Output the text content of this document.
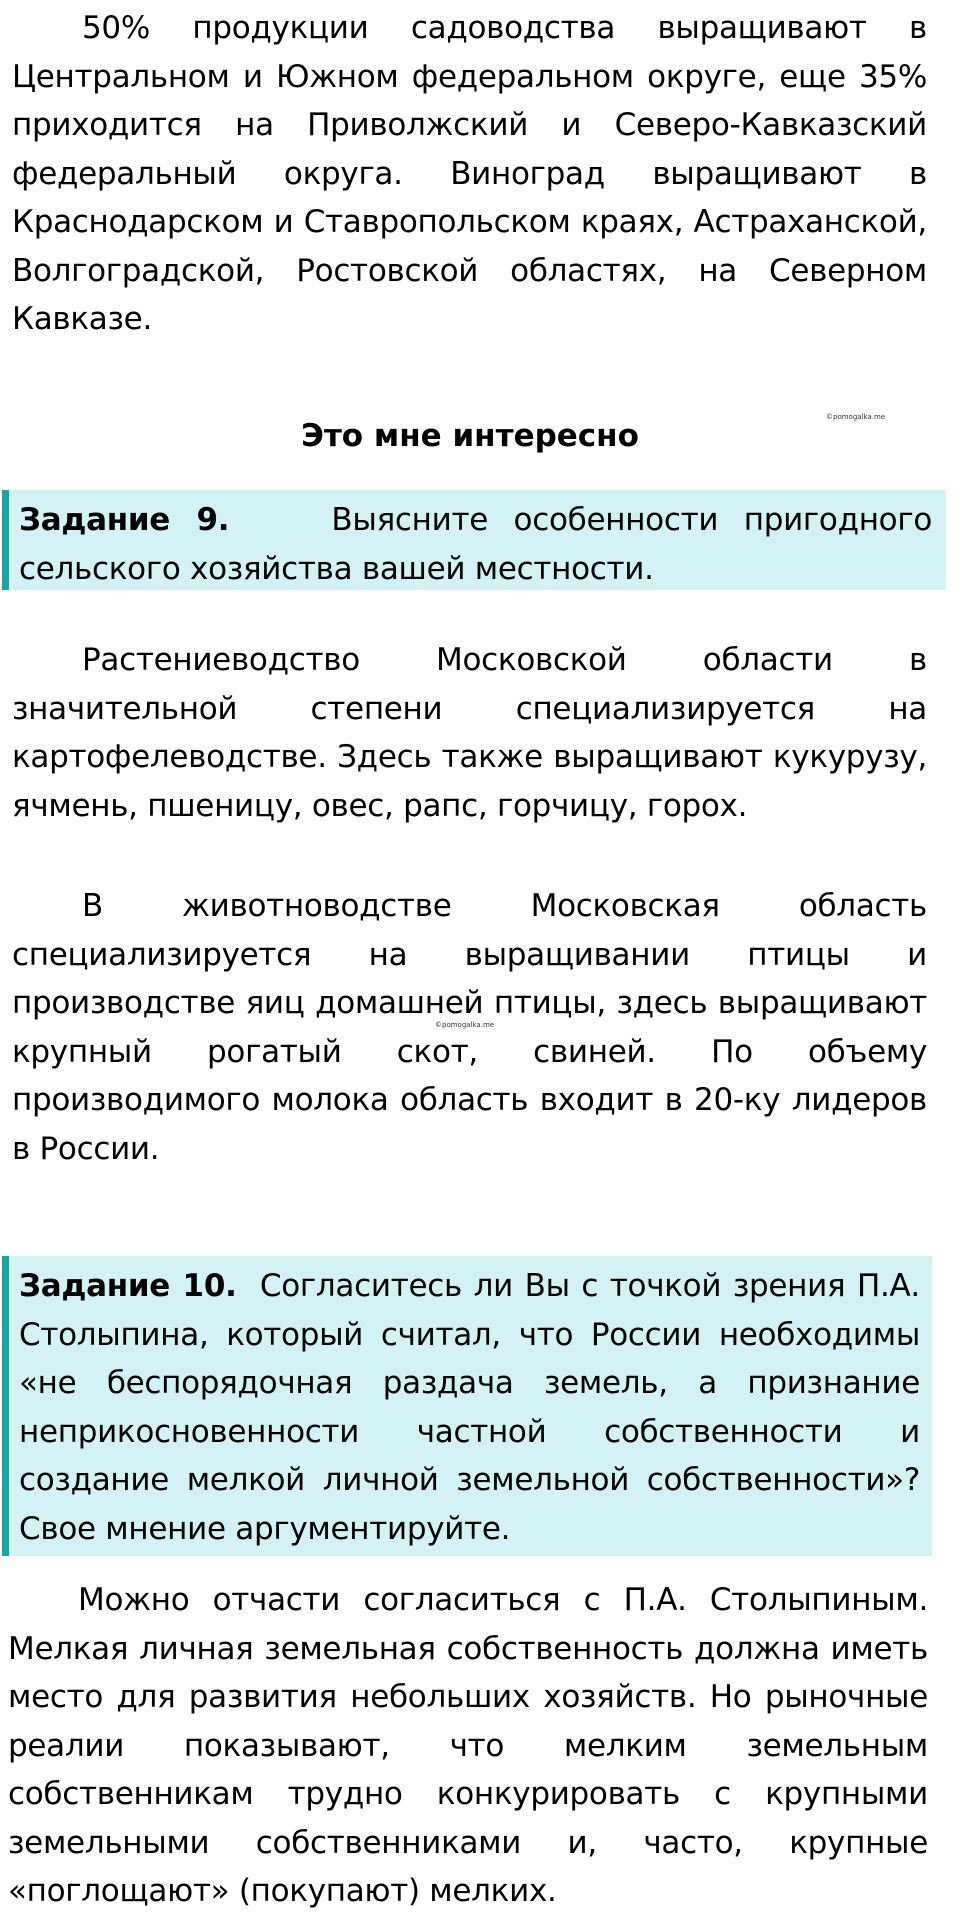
50% продукции садоводства выращивают в Центральном и Южном федеральном округе, еще 35% приходится на Приволжский и Северо-Кавказский федеральный округа. Виноград выращивают в Краснодарском и Ставропольском краях, Астраханской, Волгоградской, Ростовской областях, на Северном Кавказе.

©pomogalka.me
Это мне интересно

Задание 9.	Выясните особенности пригодного сельского хозяйства вашей местности.

Растениеводство Московской области в значительной степени специализируется на картофелеводстве. Здесь также выращивают кукурузу, ячмень, пшеницу, овес, рапс, горчицу, горох.

В животноводстве Московская область специализируется на выращивании птицы и производстве яиц домашней птицы, здесь выращивают крупный рогатый скот, свиней. По объему производимого молока область входит в 20-ку лидеров в России.

©pomogalka.me

Задание 10. Согласитесь ли Вы с точкой зрения П.А. Столыпина, который считал, что России необходимы «не беспорядочная раздача земель, а признание неприкосновенности частной собственности и создание мелкой личной земельной собственности»? Свое мнение аргументируйте.

Можно отчасти согласиться с П.А. Столыпиным. Мелкая личная земельная собственность должна иметь место для развития небольших хозяйств. Но рыночные реалии показывают, что мелким земельным собственникам трудно конкурировать с крупными земельными собственниками и, часто, крупные «поглощают» (покупают) мелких.
